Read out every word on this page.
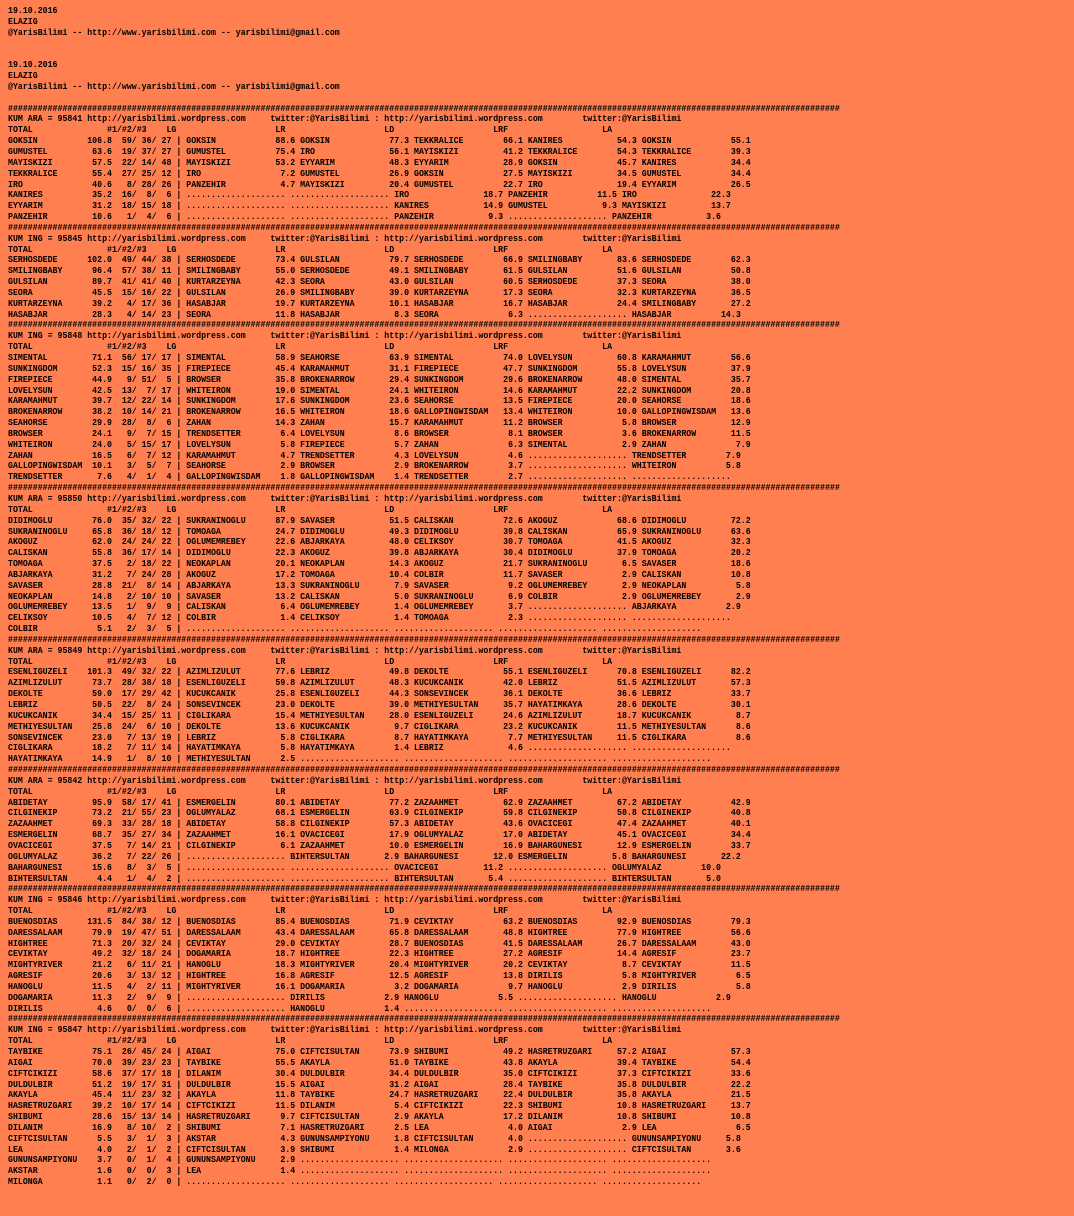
19.10.2016
ELAZIG
@YarisBilimi -- http://www.yarisbilimi.com -- yarisbilimi@gmail.com
19.10.2016
ELAZIG
@YarisBilimi -- http://www.yarisbilimi.com -- yarisbilimi@gmail.com
########################################################################################################################################################################
KUM ARA = 95841 http://yarisbilimi.wordpress.com     twitter:@YarisBilimi : http://yarisbilimi.wordpress.com        twitter:@YarisBilimi
TOTAL               #1/#2/#3    LG                    LR                    LD                    LRF                   LA
GOKSIN          106.8  59/ 36/ 27 | GOKSIN            88.6 GOKSIN            77.3 TEKKRALICE        66.1 KANIRES           54.3 GOKSIN            55.1
GUMUSTEL         63.6  19/ 37/ 27 | GUMUSTEL          75.4 IRO               56.1 MAYISKIZI         41.2 TEKKRALICE        54.3 TEKKRALICE        39.3
MAYISKIZI        57.5  22/ 14/ 48 | MAYISKIZI         53.2 EYYARIM           48.3 EYYARIM           28.9 GOKSIN            45.7 KANIRES           34.4
TEKKRALICE       55.4  27/ 25/ 12 | IRO                7.2 GUMUSTEL          26.9 GOKSIN            27.5 MAYISKIZI         34.5 GUMUSTEL          34.4
IRO              40.6   8/ 28/ 26 | PANZEHIR           4.7 MAYISKIZI         20.4 GUMUSTEL          22.7 IRO               19.4 EYYARIM           26.5
KANIRES          35.2  16/  8/  6 | .................... .................... IRO               18.7 PANZEHIR          11.5 IRO               22.3
EYYARIM          31.2  18/ 15/ 18 | .................... .................... KANIRES           14.9 GUMUSTEL           9.3 MAYISKIZI         13.7
PANZEHIR         10.6   1/  4/  6 | .................... .................... PANZEHIR           9.3 .................... PANZEHIR           3.6
########################################################################################################################################################################
KUM ING = 95845 http://yarisbilimi.wordpress.com     twitter:@YarisBilimi : http://yarisbilimi.wordpress.com        twitter:@YarisBilimi
TOTAL               #1/#2/#3    LG                    LR                    LD                    LRF                   LA
SERHOSDEDE      102.0  49/ 44/ 38 | SERHOSDEDE        73.4 GULSILAN          79.7 SERHOSDEDE        66.9 SMILINGBABY       83.6 SERHOSDEDE        62.3
SMILINGBABY      96.4  57/ 38/ 11 | SMILINGBABY       55.0 SERHOSDEDE        49.1 SMILINGBABY       61.5 GULSILAN          51.6 GULSILAN          50.8
GULSILAN         89.7  41/ 41/ 40 | KURTARZEYNA       42.3 SEORA             43.0 GULSILAN          60.5 SERHOSDEDE        37.3 SEORA             38.0
SEORA            45.5  15/ 16/ 22 | GULSILAN          26.9 SMILINGBABY       39.0 KURTARZEYNA       17.3 SEORA             32.3 KURTARZEYNA       36.5
KURTARZEYNA      39.2   4/ 17/ 36 | HASABJAR          19.7 KURTARZEYNA       10.1 HASABJAR          16.7 HASABJAR          24.4 SMILINGBABY       27.2
HASABJAR         28.3   4/ 14/ 23 | SEORA             11.8 HASABJAR           8.3 SEORA              6.3 .................... HASABJAR          14.3
########################################################################################################################################################################
KUM ING = 95848 http://yarisbilimi.wordpress.com     twitter:@YarisBilimi : http://yarisbilimi.wordpress.com        twitter:@YarisBilimi
TOTAL               #1/#2/#3    LG                    LR                    LD                    LRF                   LA
SIMENTAL         71.1  56/ 17/ 17 | SIMENTAL          58.9 SEAHORSE          63.9 SIMENTAL          74.0 LOVELYSUN         60.8 KARAMAHMUT        56.6
SUNKINGDOM       52.3  15/ 16/ 35 | FIREPIECE         45.4 KARAMAHMUT        31.1 FIREPIECE         47.7 SUNKINGDOM        55.8 LOVELYSUN         37.9
FIREPIECE        44.9   9/ 51/  5 | BROWSER           35.8 BROKENARROW       29.4 SUNKINGDOM        29.6 BROKENARROW       48.0 SIMENTAL          35.7
LOVELYSUN        42.5  13/  7/ 17 | WHITEIRON         19.0 SIMENTAL          24.1 WHITEIRON         14.6 KARAMAHMUT        22.2 SUNKINGDOM        20.8
KARAMAHMUT       39.7  12/ 22/ 14 | SUNKINGDOM        17.6 SUNKINGDOM        23.6 SEAHORSE          13.5 FIREPIECE         20.0 SEAHORSE          18.6
BROKENARROW      38.2  10/ 14/ 21 | BROKENARROW       16.5 WHITEIRON         18.6 GALLOPINGWISDAM   13.4 WHITEIRON         10.0 GALLOPINGWISDAM   13.6
SEAHORSE         29.9  28/  8/  6 | ZAHAN             14.3 ZAHAN             15.7 KARAMAHMUT        11.2 BROWSER            5.8 BROWSER           12.9
BROWSER          24.1   9/  7/ 15 | TRENDSETTER        6.4 LOVELYSUN          8.6 BROWSER            8.1 BROWSER            3.6 BROKENARROW       11.5
WHITEIRON        24.0   5/ 15/ 17 | LOVELYSUN          5.8 FIREPIECE          5.7 ZAHAN              6.3 SIMENTAL           2.9 ZAHAN              7.9
ZAHAN            16.5   6/  7/ 12 | KARAMAHMUT         4.7 TRENDSETTER        4.3 LOVELYSUN          4.6 .................... TRENDSETTER        7.9
GALLOPINGWISDAM  10.1   3/  5/  7 | SEAHORSE           2.9 BROWSER            2.9 BROKENARROW        3.7 .................... WHITEIRON          5.8
TRENDSETTER       7.6   4/  1/  4 | GALLOPINGWISDAM    1.8 GALLOPINGWISDAM    1.4 TRENDSETTER        2.7 .................... ....................
########################################################################################################################################################################
KUM ARA = 95850 http://yarisbilimi.wordpress.com     twitter:@YarisBilimi : http://yarisbilimi.wordpress.com        twitter:@YarisBilimi
TOTAL               #1/#2/#3    LG                    LR                    LD                    LRF                   LA
DIDIMOGLU        76.0  35/ 32/ 22 | SUKRANINOGLU      87.9 SAVASER           51.5 CALISKAN          72.6 AKOGUZ            68.6 DIDIMOGLU         72.2
SUKRANINOGLU     65.8  36/ 18/ 12 | TOMOAGA           24.7 DIDIMOGLU         49.3 DIDIMOGLU         39.8 CALISKAN          65.9 SUKRANINOGLU      63.6
AKOGUZ           62.0  24/ 24/ 22 | OGLUMEMREBEY      22.6 ABJARKAYA         48.0 CELIKSOY          30.7 TOMOAGA           41.5 AKOGUZ            32.3
CALISKAN         55.8  36/ 17/ 14 | DIDIMOGLU         22.3 AKOGUZ            39.8 ABJARKAYA         30.4 DIDIMOGLU         37.9 TOMOAGA           20.2
TOMOAGA          37.5   2/ 18/ 22 | NEOKAPLAN         20.1 NEOKAPLAN         14.3 AKOGUZ            21.7 SUKRANINOGLU       6.5 SAVASER           18.6
ABJARKAYA        31.2   7/ 24/ 28 | AKOGUZ            17.2 TOMOAGA           10.4 COLBIR            11.7 SAVASER            2.9 CALISKAN          10.8
SAVASER          28.8  21/  8/ 14 | ABJARKAYA         13.3 SUKRANINOGLU       7.9 SAVASER            9.2 OGLUMEMREBEY       2.9 NEOKAPLAN          5.8
NEOKAPLAN        14.8   2/ 10/ 10 | SAVASER           13.2 CALISKAN           5.0 SUKRANINOGLU       6.9 COLBIR             2.9 OGLUMEMREBEY       2.9
OGLUMEMREBEY     13.5   1/  9/  9 | CALISKAN           6.4 OGLUMEMREBEY       1.4 OGLUMEMREBEY       3.7 .................... ABJARKAYA          2.9
CELIKSOY         10.5   4/  7/ 12 | COLBIR             1.4 CELIKSOY           1.4 TOMOAGA            2.3 .................... ....................
COLBIR            5.1   2/  3/  5 | .................... .................... .................... .................... ....................
########################################################################################################################################################################
KUM ARA = 95849 http://yarisbilimi.wordpress.com     twitter:@YarisBilimi : http://yarisbilimi.wordpress.com        twitter:@YarisBilimi
TOTAL               #1/#2/#3    LG                    LR                    LD                    LRF                   LA
ESENLIGUZELI    101.3  49/ 32/ 22 | AZIMLIZULUT       77.6 LEBRIZ            49.8 DEKOLTE           55.1 ESENLIGUZELI      70.8 ESENLIGUZELI      82.2
AZIMLIZULUT      73.7  28/ 38/ 18 | ESENLIGUZELI      59.8 AZIMLIZULUT       48.3 KUCUKCANIK        42.0 LEBRIZ            51.5 AZIMLIZULUT       57.3
DEKOLTE          59.0  17/ 29/ 42 | KUCUKCANIK        25.8 ESENLIGUZELI      44.3 SONSEVINCEK       36.1 DEKOLTE           36.6 LEBRIZ            33.7
LEBRIZ           50.5  22/  8/ 24 | SONSEVINCEK       23.0 DEKOLTE           39.0 METHIYESULTAN     35.7 HAYATIMKAYA       28.6 DEKOLTE           30.1
KUCUKCANIK       34.4  15/ 25/ 11 | CIGLIKARA         15.4 METHIYESULTAN     28.0 ESENLIGUZELI      24.6 AZIMLIZULUT       18.7 KUCUKCANIK         8.7
METHIYESULTAN    25.8  24/  6/ 10 | DEKOLTE           13.6 KUCUKCANIK         9.7 CIGLIKARA         23.2 KUCUKCANIK        11.5 METHIYESULTAN      8.6
SONSEVINCEK      23.0   7/ 13/ 19 | LEBRIZ             5.8 CIGLIKARA          8.7 HAYATIMKAYA        7.7 METHIYESULTAN     11.5 CIGLIKARA          8.6
CIGLIKARA        18.2   7/ 11/ 14 | HAYATIMKAYA        5.8 HAYATIMKAYA        1.4 LEBRIZ             4.6 .................... ....................
HAYATIMKAYA      14.9   1/  8/ 10 | METHIYESULTAN      2.5 .................... .................... .................... ....................
########################################################################################################################################################################
KUM ARA = 95842 http://yarisbilimi.wordpress.com     twitter:@YarisBilimi : http://yarisbilimi.wordpress.com        twitter:@YarisBilimi
TOTAL               #1/#2/#3    LG                    LR                    LD                    LRF                   LA
ABIDETAY         95.9  58/ 17/ 41 | ESMERGELIN        80.1 ABIDETAY          77.2 ZAZAAHMET         62.9 ZAZAAHMET         67.2 ABIDETAY          42.9
CILGINEKIP       73.2  21/ 55/ 23 | OGLUMYALAZ        68.1 ESMERGELIN        63.9 CILGINEKIP        59.8 CILGINEKIP        50.8 CILGINEKIP        40.8
ZAZAAHMET        69.3  33/ 28/ 18 | ABIDETAY          58.8 CILGINEKIP        57.3 ABIDETAY          43.6 OVACICEGI         47.4 ZAZAAHMET         40.1
ESMERGELIN       68.7  35/ 27/ 34 | ZAZAAHMET         16.1 OVACICEGI         17.9 OGLUMYALAZ        17.0 ABIDETAY          45.1 OVACICEGI         34.4
OVACICEGI        37.5   7/ 14/ 21 | CILGINEKIP         6.1 ZAZAAHMET         10.0 ESMERGELIN        16.9 BAHARGUNESI       12.9 ESMERGELIN        33.7
OGLUMYALAZ       36.2   7/ 22/ 26 | .................... BIHTERSULTAN       2.9 BAHARGUNESI       12.0 ESMERGELIN         5.8 BAHARGUNESI       22.2
BAHARGUNESI      15.6   8/  3/  5 | .................... .................... OVACICEGI         11.2 .................... OGLUMYALAZ        10.0
BIHTERSULTAN      4.4   1/  4/  2 | .................... .................... BIHTERSULTAN       5.4 .................... BIHTERSULTAN       5.0
########################################################################################################################################################################
KUM ING = 95846 http://yarisbilimi.wordpress.com     twitter:@YarisBilimi : http://yarisbilimi.wordpress.com        twitter:@YarisBilimi
TOTAL               #1/#2/#3    LG                    LR                    LD                    LRF                   LA
BUENOSDIAS      131.5  84/ 38/ 12 | BUENOSDIAS        85.4 BUENOSDIAS        71.9 CEVIKTAY          63.2 BUENOSDIAS        92.9 BUENOSDIAS        79.3
DARESSALAAM      79.9  19/ 47/ 51 | DARESSALAAM       43.4 DARESSALAAM       65.8 DARESSALAAM       48.8 HIGHTREE          77.9 HIGHTREE          56.6
HIGHTREE         71.3  20/ 32/ 24 | CEVIKTAY          29.0 CEVIKTAY          28.7 BUENOSDIAS        41.5 DARESSALAAM       26.7 DARESSALAAM       43.0
CEVIKTAY         49.2  32/ 18/ 24 | DOGAMARIA         18.7 HIGHTREE          22.3 HIGHTREE          27.2 AGRESIF           14.4 AGRESIF           23.7
MIGHTYRIVER      21.2   6/ 11/ 21 | HANOGLU           18.3 MIGHTYRIVER       20.4 MIGHTYRIVER       20.2 CEVIKTAY           8.7 CEVIKTAY          11.5
AGRESIF          20.6   3/ 13/ 12 | HIGHTREE          16.8 AGRESIF           12.5 AGRESIF           13.8 DIRILIS            5.8 MIGHTYRIVER        6.5
HANOGLU          11.5   4/  2/ 11 | MIGHTYRIVER       16.1 DOGAMARIA          3.2 DOGAMARIA          9.7 HANOGLU            2.9 DIRILIS            5.8
DOGAMARIA        11.3   2/  9/  9 | .................... DIRILIS            2.9 HANOGLU            5.5 .................... HANOGLU            2.9
DIRILIS           4.6   0/  0/  6 | .................... HANOGLU            1.4 .................... .................... ....................
########################################################################################################################################################################
KUM ING = 95847 http://yarisbilimi.wordpress.com     twitter:@YarisBilimi : http://yarisbilimi.wordpress.com        twitter:@YarisBilimi
TOTAL               #1/#2/#3    LG                    LR                    LD                    LRF                   LA
TAYBIKE          75.1  26/ 45/ 24 | AIGAI             75.0 CIFTCISULTAN      73.9 SHIBUMI           49.2 HASRETRUZGARI     57.2 AIGAI             57.3
AIGAI            70.0  39/ 23/ 23 | TAYBIKE           55.5 AKAYLA            51.0 TAYBIKE           43.8 AKAYLA            39.4 TAYBIKE           54.4
CIFTCIKIZI       58.6  37/ 17/ 18 | DILANIM           30.4 DULDULBIR         34.4 DULDULBIR         35.0 CIFTCIKIZI        37.3 CIFTCIKIZI        33.6
DULDULBIR        51.2  19/ 17/ 31 | DULDULBIR         15.5 AIGAI             31.2 AIGAI             28.4 TAYBIKE           35.8 DULDULBIR         22.2
AKAYLA           45.4  11/ 23/ 32 | AKAYLA            11.8 TAYBIKE           24.7 HASRETRUZGARI     22.4 DULDULBIR         35.8 AKAYLA            21.5
HASRETRUZGARI    39.2  10/ 17/ 14 | CIFTCIKIZI        11.5 DILANIM            5.4 CIFTCIKIZI        22.3 SHIBUMI           10.8 HASRETRUZGARI     13.7
SHIBUMI          28.6  15/ 13/ 14 | HASRETRUZGARI      9.7 CIFTCISULTAN       2.9 AKAYLA            17.2 DILANIM           10.8 SHIBUMI           10.8
DILANIM          16.9   8/ 10/  2 | SHIBUMI            7.1 HASRETRUZGARI      2.5 LEA                4.0 AIGAI              2.9 LEA                6.5
CIFTCISULTAN      5.5   3/  1/  3 | AKSTAR             4.3 GUNUNSAMPIYONU     1.8 CIFTCISULTAN       4.0 .................... GUNUNSAMPIYONU     5.8
LEA               4.0   2/  1/  2 | CIFTCISULTAN       3.9 SHIBUMI            1.4 MILONGA            2.9 .................... CIFTCISULTAN       3.6
GUNUNSAMPIYONU    3.7   0/  1/  4 | GUNUNSAMPIYONU     2.9 .................... .................... .................... ....................
AKSTAR            1.6   0/  0/  3 | LEA                1.4 .................... .................... .................... ....................
MILONGA           1.1   0/  2/  0 | .................... .................... .................... .................... ....................
